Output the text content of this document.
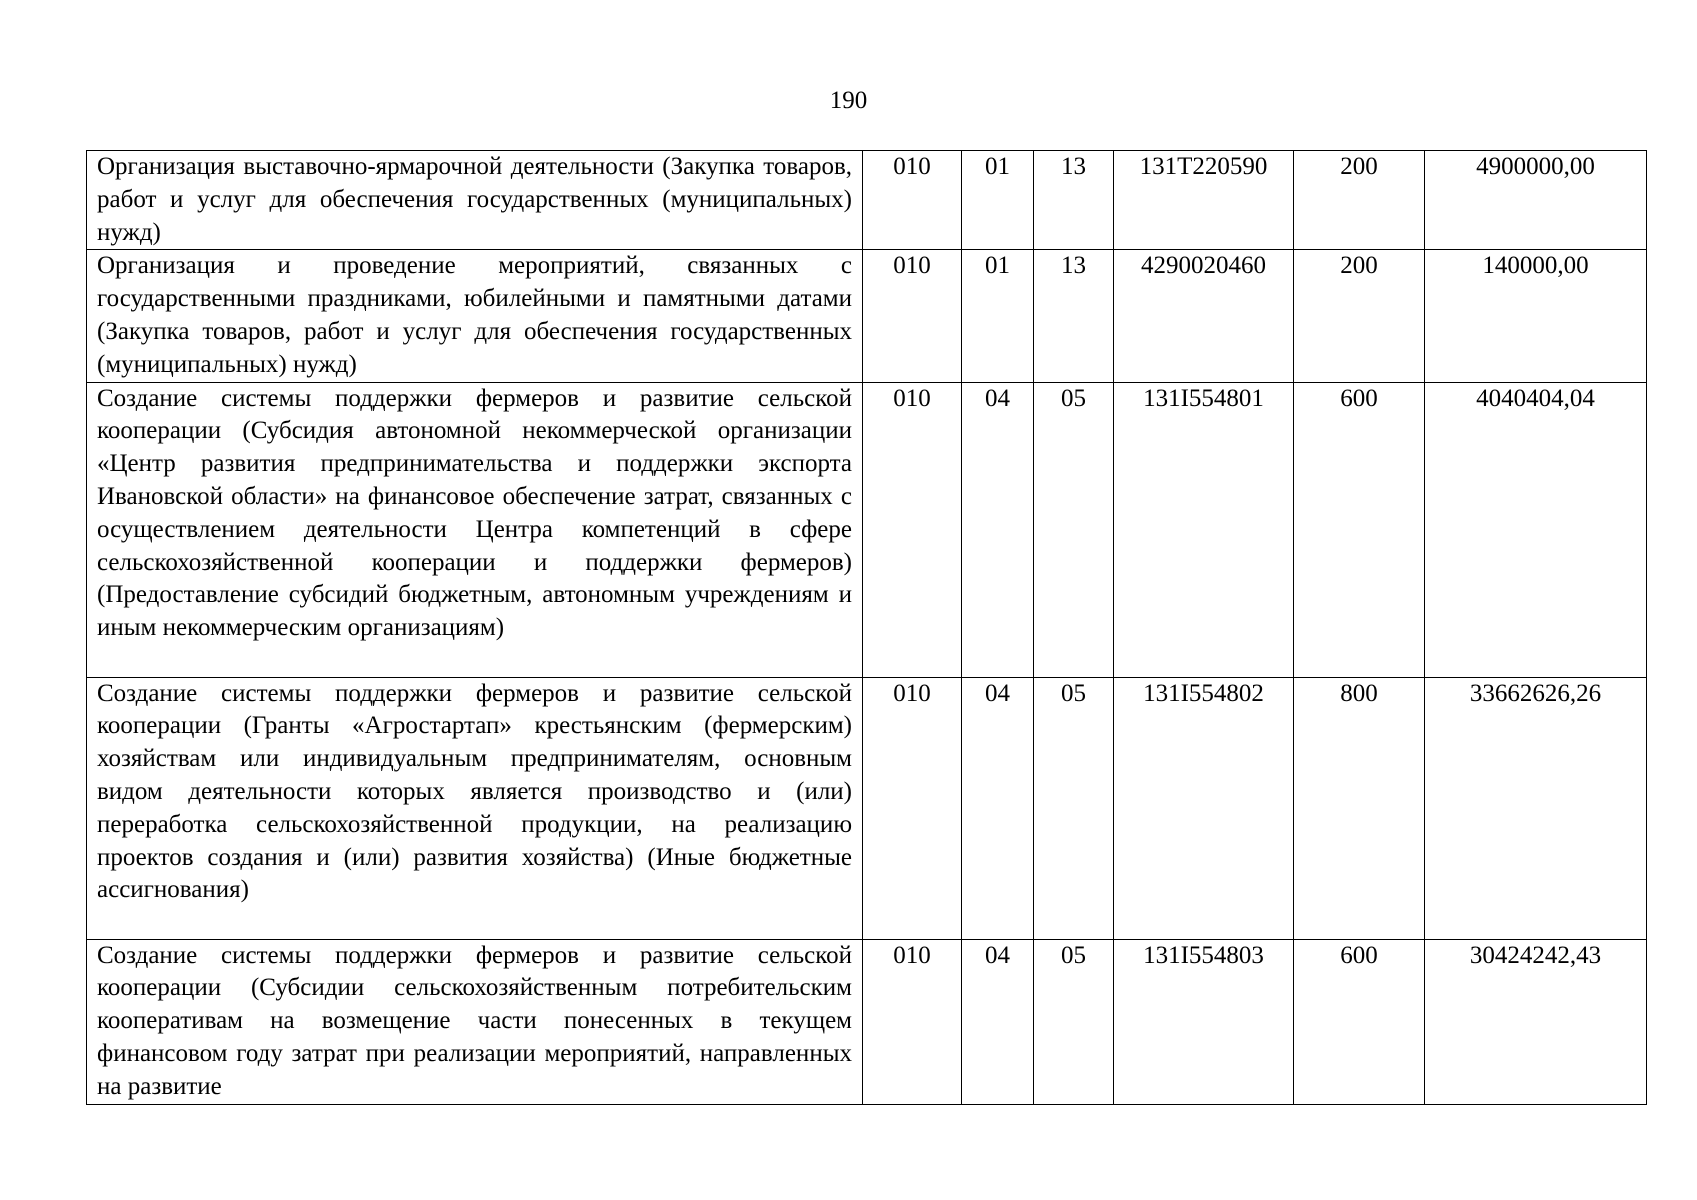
190
Организация выставочно-ярмарочной деятельности (Закупка товаров, работ и услуг для обеспечения государственных (муниципальных) нужд)	010	01	13	131Т220590	200	4900000,00
Организация и проведение мероприятий, связанных с государственными праздниками, юбилейными и памятными датами (Закупка товаров, работ и услуг для обеспечения государственных (муниципальных) нужд)	010	01	13	4290020460	200	140000,00
Создание системы поддержки фермеров и развитие сельской кооперации (Субсидия автономной некоммерческой организации «Центр развития предпринимательства и поддержки экспорта Ивановской области» на финансовое обеспечение затрат, связанных с осуществлением деятельности Центра компетенций в сфере сельскохозяйственной кооперации и поддержки фермеров) (Предоставление субсидий бюджетным, автономным учреждениям и иным некоммерческим организациям)	010	04	05	131I554801	600	4040404,04
Создание системы поддержки фермеров и развитие сельской кооперации (Гранты «Агростартап» крестьянским (фермерским) хозяйствам или индивидуальным предпринимателям, основным видом деятельности которых является производство и (или) переработка сельскохозяйственной продукции, на реализацию проектов создания и (или) развития хозяйства) (Иные бюджетные ассигнования)	010	04	05	131I554802	800	33662626,26
Создание системы поддержки фермеров и развитие сельской кооперации (Субсидии сельскохозяйственным потребительским кооперативам на возмещение части понесенных в текущем финансовом году затрат при реализации мероприятий, направленных на развитие	010	04	05	131I554803	600	30424242,43
